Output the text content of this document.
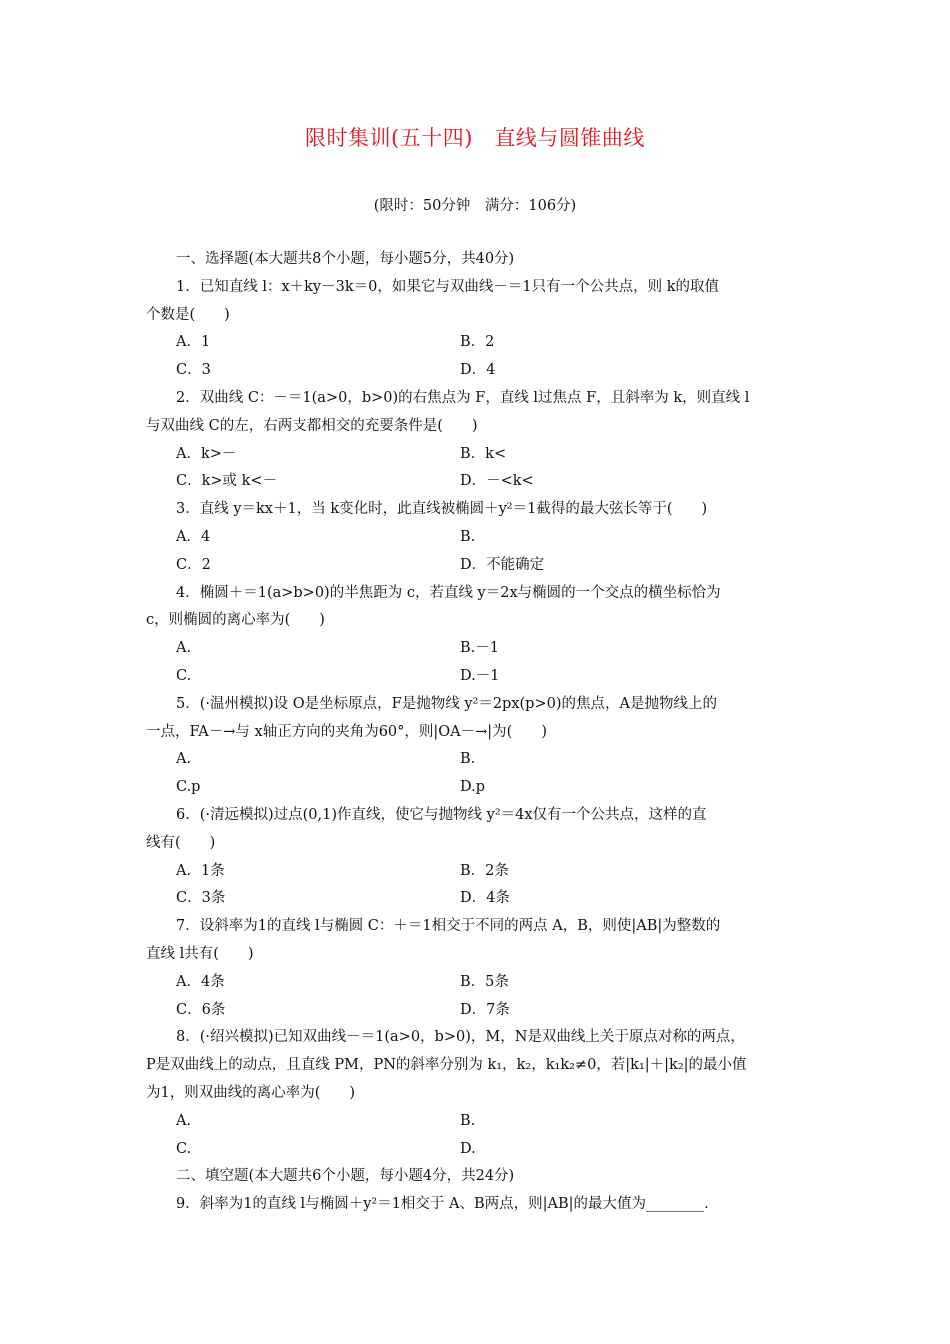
限时集训(五十四)　直线与圆锥曲线
(限时：50分钟　满分：106分)
一、选择题(本大题共8个小题，每小题5分，共40分)
1．已知直线 l：x＋ky－3k＝0，如果它与双曲线－＝1只有一个公共点，则 k的取值
个数是(　　)
A．1	B．2
C．3	D．4
2．双曲线 C：－＝1(a>0，b>0)的右焦点为 F，直线 l过焦点 F，且斜率为 k，则直线 l
与双曲线 C的左，右两支都相交的充要条件是(　　)
A．k>－	B．k<
C．k>或 k<－	D．－<k<
3．直线 y＝kx＋1，当 k变化时，此直线被椭圆＋y²＝1截得的最大弦长等于(　　)
A．4	B.
C．2	D．不能确定
4．椭圆＋＝1(a>b>0)的半焦距为 c，若直线 y＝2x与椭圆的一个交点的横坐标恰为
c，则椭圆的离心率为(　　)
A.	B.－1
C.	D.－1
5．(·温州模拟)设 O是坐标原点，F是抛物线 y²＝2px(p>0)的焦点，A是抛物线上的
一点，FA－→与 x轴正方向的夹角为60°，则|OA－→|为(　　)
A.	B.
C.p	D.p
6．(·清远模拟)过点(0,1)作直线，使它与抛物线 y²＝4x仅有一个公共点，这样的直
线有(　　)
A．1条	B．2条
C．3条	D．4条
7．设斜率为1的直线 l与椭圆 C：＋＝1相交于不同的两点 A，B，则使|AB|为整数的
直线 l共有(　　)
A．4条	B．5条
C．6条	D．7条
8．(·绍兴模拟)已知双曲线－＝1(a>0，b>0)，M，N是双曲线上关于原点对称的两点，
P是双曲线上的动点，且直线 PM，PN的斜率分别为 k₁，k₂，k₁k₂≠0，若|k₁|＋|k₂|的最小值
为1，则双曲线的离心率为(　　)
A.	B.
C.	D.
二、填空题(本大题共6个小题，每小题4分，共24分)
9．斜率为1的直线 l与椭圆＋y²＝1相交于 A、B两点，则|AB|的最大值为________.
